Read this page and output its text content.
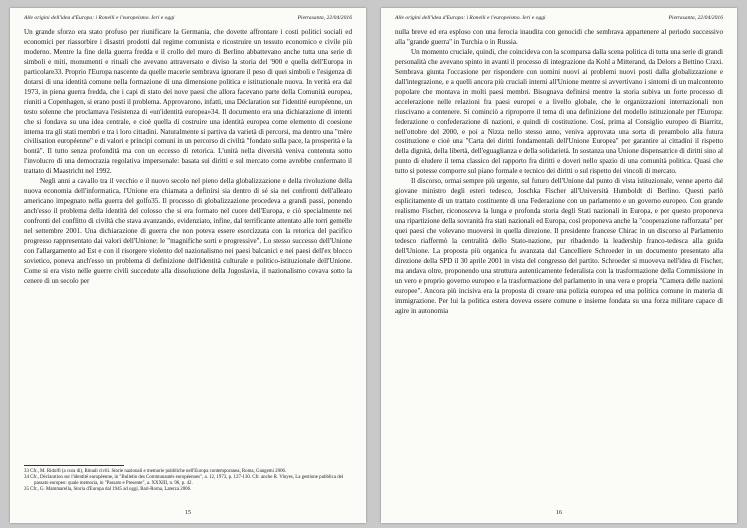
Alle origini dell'idea d'Europa: i Ronelli e l'europeismo. Ieri e oggi	Pietrasanta, 22/04/2016

Un grande sforzo era stato profuso per riunificare la Germania, che dovette affrontare i costi politici sociali ed economici per riassorbire i disastri prodotti dal regime comunista e ricostruire un tessuto economico e civile più moderno. Mentre la fine della guerra fredda e il crollo del muro di Berlino abbattevano anche tutta una serie di simboli e miti, monumenti e rituali che avevano attraversato e diviso la storia del '900 e quella dell'Europa in particolare33. Proprio l'Europa nascente da quelle macerie sembrava ignorare il peso di quei simboli e l'esigenza di dotarsi di una identità comune nella formazione di una dimensione politica e istituzionale nuova. In verità era dal 1973, in piena guerra fredda, che i capi di stato dei nove paesi che allora facevano parte della Comunità europea, riuniti a Copenhagen, si erano posti il problema. Approvarono, infatti, una Déclaration sur l'identité européenne, un testo solenne che proclamava l'esistenza di «un'identità europea»34. Il documento era una dichiarazione di intenti che si fondava su una idea centrale, e cioè quella di costruire una identità europea come elemento di coesione interna tra gli stati membri e tra i loro cittadini. Naturalmente si partiva da varietà di percorsi, ma dentro una "mère civilisation européenne" e di valori e principi comuni in un percorso di civiltà "fondato sulla pace, la prosperità e la bontà". Il tutto senza profondità ma con un eccesso di retorica. L'unità nella diversità veniva contenuta sotto l'involucro di una democrazia regolativa impersonale: basata sui diritti e sul mercato come avrebbe confermato il trattato di Maastricht nel 1992.

Negli anni a cavallo tra il vecchio e il nuovo secolo nel pieno della globalizzazione e della rivoluzione della nuova economia dell'informatica, l'Unione era chiamata a definirsi sia dentro di sé sia nei confronti dell'alleato americano impegnato nella guerra del golfo35. Il processo di globalizzazione procedeva a grandi passi, ponendo anch'esso il problema della identità del colosso che si era formato nel cuore dell'Europa, e ciò specialmente nei confronti del conflitto di civiltà che stava avanzando, evidenziato, infine, dal terrificante attentato alle torri gemelle nel settembre 2001. Una dichiarazione di guerra che non poteva essere esorcizzata con la retorica del pacifico progresso rappresentato dai valori dell'Unione: le "magnifiche sorti e progressive". Lo stesso successo dell'Unione con l'allargamento ad Est e con il risorgere violento del nazionalismo nei paesi balcanici e nei paesi dell'ex blocco sovietico, poneva anch'esso un problema di definizione dell'identità culturale e politico-istituzionale dell'Unione. Come si era visto nelle guerre civili succedute alla dissoluzione della Jugoslavia, il nazionalismo covava sotto la cenere di un secolo per

33 Cfr., M. Ridolfi (a cura di), Rituali civili. Storie nazionali e memorie pubbliche nell'Europa contemporanea, Roma, Gangemi 2006.
34 Cfr., Déclaration sur l'identité européenne, in "Bulletin des Communautés européennes", a. 12, 1973, p. 127-130. Cfr. anche R. Vinyes, La gestione pubblica del passato europeo: quale memoria, in "Passato e Presente", a. XXXIII, n. 96, p. 42.
35 Cfr., G. Mammarella, Storia d'Europa dal 1945 ad oggi, Bari-Roma, Laterza 2006.
15
Alle origini dell'idea d'Europa: i Ronelli e l'europeismo. Ieri e oggi	Pietrasanta, 22/04/2016

nulla breve ed era esploso con una ferocia inaudita con genocidi che sembrava appartenere al periodo successivo alla "grande guerra" in Turchia o in Russia.

Un momento cruciale, quindi, che coincideva con la scomparsa dalla scena politica di tutta una serie di grandi personalità che avevano spinto in avanti il processo di integrazione da Kohl a Mitterand, da Delors a Bettino Craxi. Sembrava giunta l'occasione per rispondere con uomini nuovi ai problemi nuovi posti dalla globalizzazione e dall'integrazione, e a quelli ancora più cruciali interni all'Unione mentre si avvertivano i sintomi di un malcontento popolare che montava in molti paesi membri. Bisognava definirsi mentre la storia subiva un forte processo di accelerazione nelle relazioni fra paesi europei e a livello globale, che le organizzazioni internazionali non riuscivano a contenere. Si cominciò a riproporre il tema di una definizione del modello istituzionale per l'Europa: federazione o confederazione di nazioni, e quindi di costituzione. Così, prima al Consiglio europeo di Biarritz, nell'ottobre del 2000, e poi a Nizza nello stesso anno, veniva approvata una sorta di preambolo alla futura costituzione e cioè una "Carta dei diritti fondamentali dell'Unione Europea" per garantire ai cittadini il rispetto della dignità, della libertà, dell'eguaglianza e della solidarietà. In sostanza una Unione dispensatrice di diritti sino al punto di eludere il tema classico del rapporto fra diritti e doveri nello spazio di una comunità politica. Quasi che tutto si potesse comporre sul piano formale e tecnico dei diritti o sul rispetto dei vincoli di mercato.

Il discorso, ormai sempre più urgente, sul futuro dell'Unione dal punto di vista istituzionale, venne aperto dal giovane ministro degli esteri tedesco, Joschka Fischer all'Università Humboldt di Berlino. Questi parlò esplicitamente di un trattato costituente di una Federazione con un parlamento e un governo europeo. Con grande realismo Fischer, riconosceva la lunga e profonda storia degli Stati nazionali in Europa, e per questo proponeva una ripartizione della sovranità fra stati nazionali ed Europa, così proponeva anche la "cooperazione rafforzata" per quei paesi che volevano muoversi in quella direzione. Il presidente francese Chirac in un discorso al Parlamento tedesco riaffermò la centralità dello Stato-nazione, pur ribadendo la leadership franco-tedesca alla guida dell'Unione. La proposta più organica fu avanzata dal Cancelliere Schroeder in un documento presentato alla direzione della SPD il 30 aprile 2001 in vista del congresso del partito. Schroeder si muoveva nell'idea di Fischer, ma andava oltre, proponendo una struttura autenticamente federalista con la trasformazione della Commissione in un vero e proprio governo europeo e la trasformazione del parlamento in una vera e propria "Camera delle nazioni europee". Ancora più incisiva era la proposta di creare una polizia europea ed una politica comune in materia di immigrazione. Per lui la politica estera doveva essere comune e insieme fondata su una forza militare capace di agire in autonomia

16
